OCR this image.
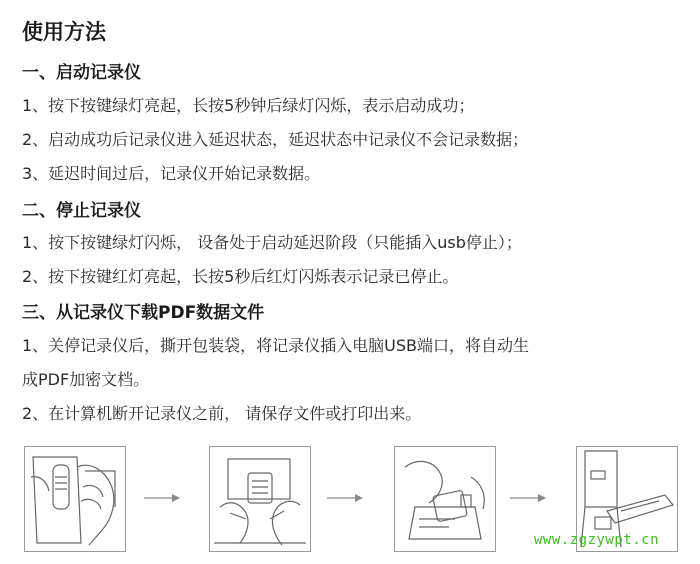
使用方法
一、启动记录仪
1、按下按键绿灯亮起，长按5秒钟后绿灯闪烁，表示启动成功；
2、启动成功后记录仪进入延迟状态，延迟状态中记录仪不会记录数据；
3、延迟时间过后，记录仪开始记录数据。
二、停止记录仪
1、按下按键绿灯闪烁， 设备处于启动延迟阶段（只能插入usb停止）；
2、按下按键红灯亮起，长按5秒后红灯闪烁表示记录已停止。
三、从记录仪下载PDF数据文件
1、关停记录仪后，撕开包装袋，将记录仪插入电脑USB端口，将自动生
成PDF加密文档。
2、在计算机断开记录仪之前， 请保存文件或打印出来。
www.zgzywpt.cn
